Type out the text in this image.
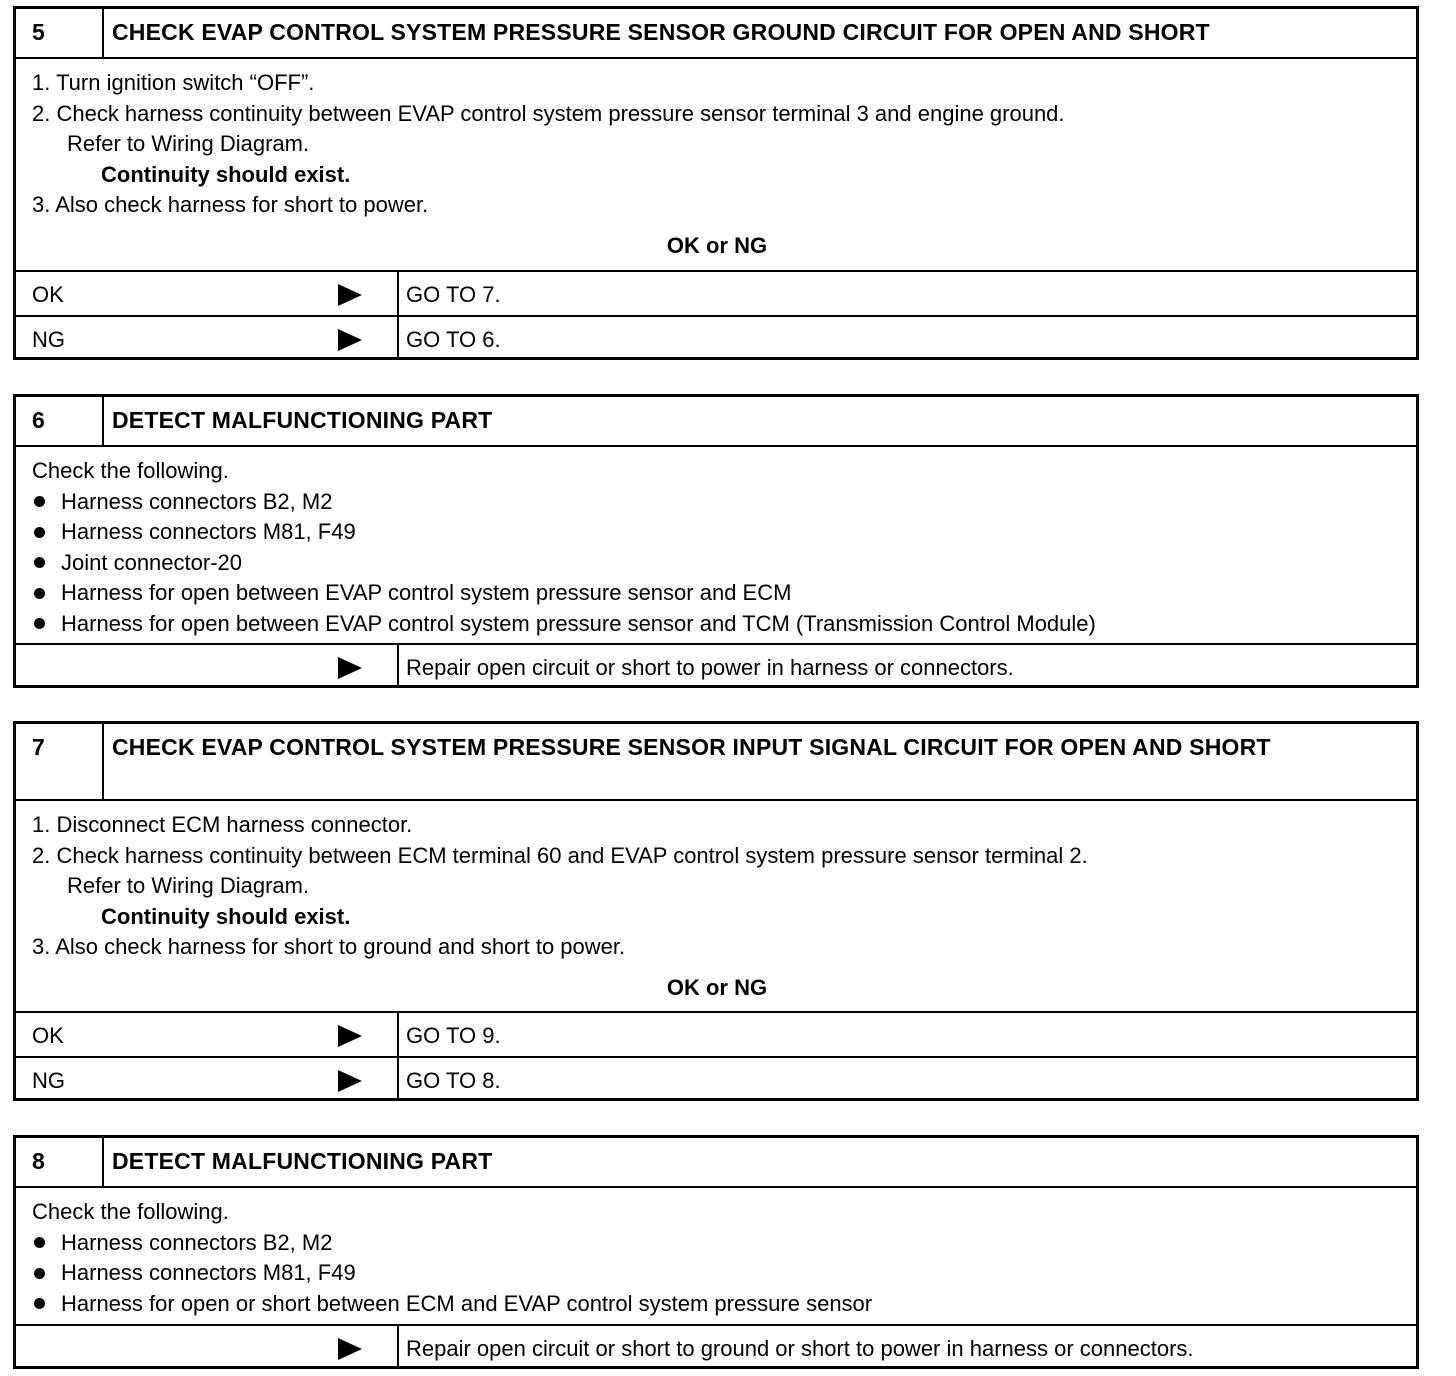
5	CHECK EVAP CONTROL SYSTEM PRESSURE SENSOR GROUND CIRCUIT FOR OPEN AND SHORT
1. Turn ignition switch “OFF”.
2. Check harness continuity between EVAP control system pressure sensor terminal 3 and engine ground.
Refer to Wiring Diagram.
Continuity should exist.
3. Also check harness for short to power.
OK or NG
OK	GO TO 7.
NG	GO TO 6.
6	DETECT MALFUNCTIONING PART
Check the following.
Harness connectors B2, M2
Harness connectors M81, F49
Joint connector-20
Harness for open between EVAP control system pressure sensor and ECM
Harness for open between EVAP control system pressure sensor and TCM (Transmission Control Module)
Repair open circuit or short to power in harness or connectors.
7	CHECK EVAP CONTROL SYSTEM PRESSURE SENSOR INPUT SIGNAL CIRCUIT FOR OPEN AND SHORT
1. Disconnect ECM harness connector.
2. Check harness continuity between ECM terminal 60 and EVAP control system pressure sensor terminal 2.
Refer to Wiring Diagram.
Continuity should exist.
3. Also check harness for short to ground and short to power.
OK or NG
OK	GO TO 9.
NG	GO TO 8.
8	DETECT MALFUNCTIONING PART
Check the following.
Harness connectors B2, M2
Harness connectors M81, F49
Harness for open or short between ECM and EVAP control system pressure sensor
Repair open circuit or short to ground or short to power in harness or connectors.
